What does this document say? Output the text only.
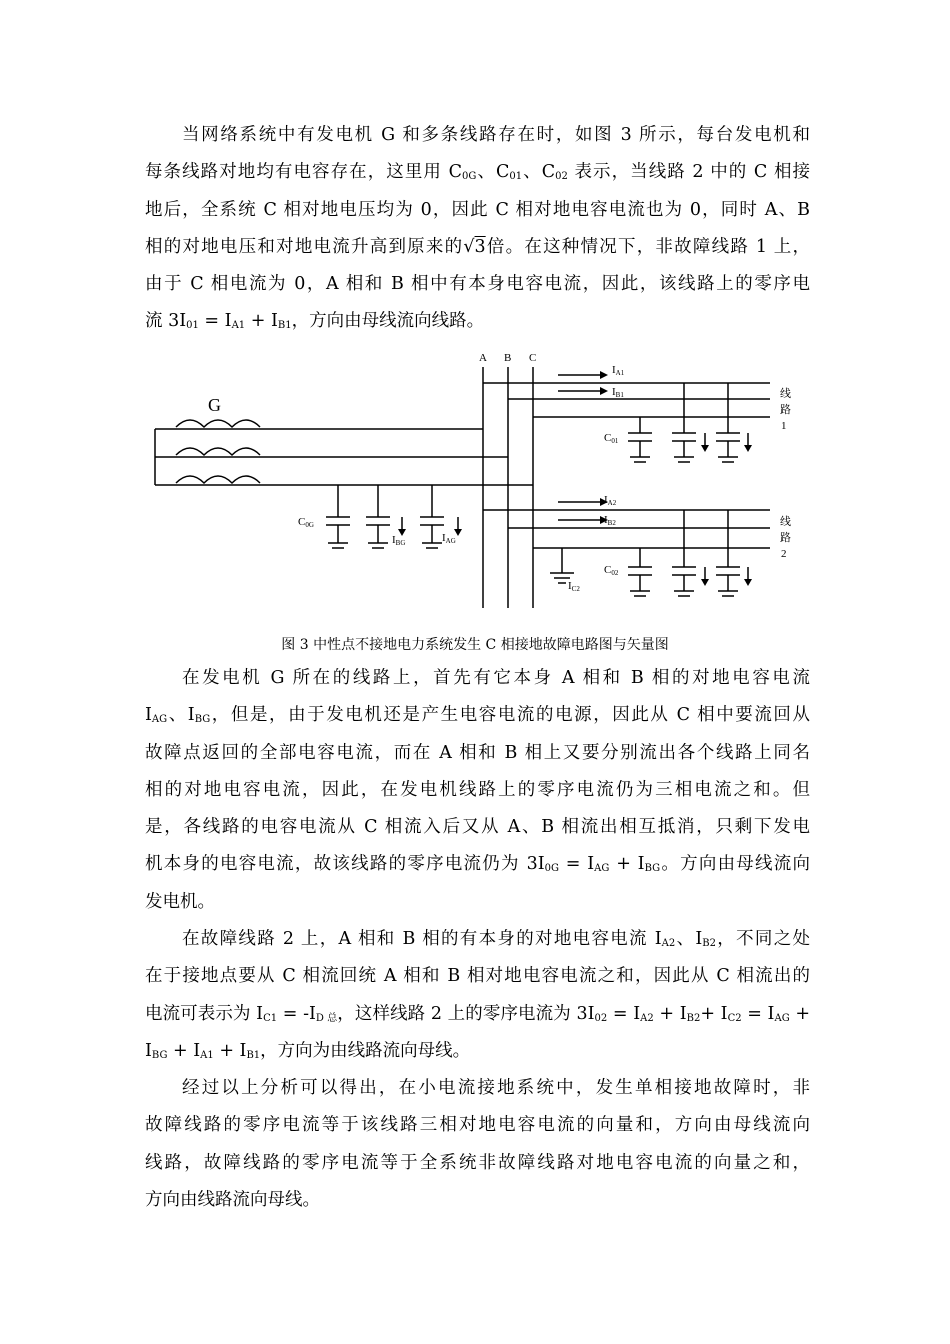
当网络系统中有发电机 G 和多条线路存在时，如图 3 所示，每台发电机和
每条线路对地均有电容存在，这里用 $C_{0G}$、$C_{01}$、$C_{02}$ 表示，当线路 2 中的 C 相接
地后，全系统 C 相对地电压均为 0，因此 C 相对地电容电流也为 0，同时 A、B
相的对地电压和对地电流升高到原来的√3倍。在这种情况下，非故障线路 1 上，
由于 C 相电流为 0，A 相和 B 相中有本身电容电流，因此，该线路上的零序电
流 $3I_{01} = I_{A1} + I_{B1}$，方向由母线流向线路。
A B C
G
IA1
IB1
C01
线
路
1
C0G
IBG	IAG
IA2
IB2
C02
IC2
线
路
2
图 3 中性点不接地电力系统发生 C 相接地故障电路图与矢量图
在发电机 G 所在的线路上，首先有它本身 A 相和 B 相的对地电容电流
$I_{AG}$、$I_{BG}$，但是，由于发电机还是产生电容电流的电源，因此从 C 相中要流回从
故障点返回的全部电容电流，而在 A 相和 B 相上又要分别流出各个线路上同名
相的对地电容电流，因此，在发电机线路上的零序电流仍为三相电流之和。但
是，各线路的电容电流从 C 相流入后又从 A、B 相流出相互抵消，只剩下发电
机本身的电容电流，故该线路的零序电流仍为 $3I_{0G} = I_{AG} + I_{BG}$。方向由母线流向
发电机。
在故障线路 2 上，A 相和 B 相的有本身的对地电容电流 $I_{A2}$、$I_{B2}$，不同之处
在于接地点要从 C 相流回统 A 相和 B 相对地电容电流之和，因此从 C 相流出的
电流可表示为 $I_{C1} = -I_{D 总}$，这样线路 2 上的零序电流为 $3I_{02} = I_{A2} + I_{B2}+ I_{C2} = I_{AG}$ +
$I_{BG} + I_{A1} + I_{B1}$，方向为由线路流向母线。
经过以上分析可以得出，在小电流接地系统中，发生单相接地故障时，非
故障线路的零序电流等于该线路三相对地电容电流的向量和，方向由母线流向
线路，故障线路的零序电流等于全系统非故障线路对地电容电流的向量之和，
方向由线路流向母线。
